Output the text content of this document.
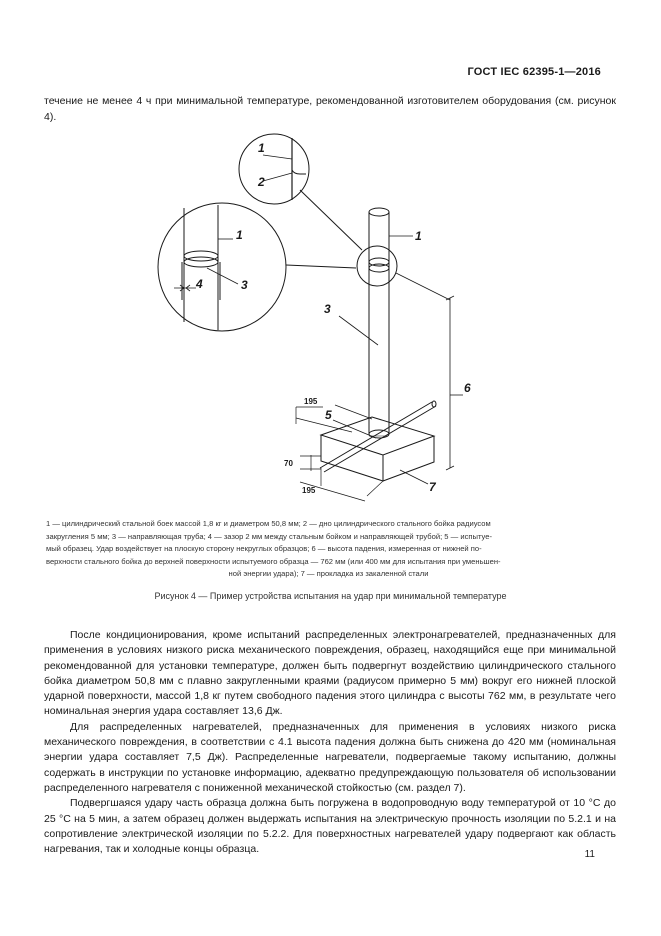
ГОСТ IEC 62395-1—2016
течение не менее 4 ч при минимальной температуре, рекомендованной изготовителем оборудования (см. рисунок 4).
1
2
1
4	3
1
3
6
5
7
195
70
195
1 — цилиндрический стальной боек массой 1,8 кг и диаметром 50,8 мм; 2 — дно цилиндрического стального бойка радиусом
закругления 5 мм; 3 — направляющая труба; 4 — зазор 2 мм между стальным бойком и направляющей трубой; 5 — испытуе-
мый образец. Удар воздействует на плоскую сторону некруглых образцов; 6 — высота падения, измеренная от нижней по-
верхности стального бойка до верхней поверхности испытуемого образца — 762 мм (или 400 мм для испытания при уменьшен-
ной энергии удара); 7 — прокладка из закаленной стали
Рисунок 4 — Пример устройства испытания на удар при минимальной температуре

После кондиционирования, кроме испытаний распределенных электронагревателей, предназначенных для применения в условиях низкого риска механического повреждения, образец, находящийся еще при минимальной рекомендованной для установки температуре, должен быть подвергнут воздействию цилиндрического стального бойка диаметром 50,8 мм с плавно закругленными краями (радиусом примерно 5 мм) вокруг его нижней плоской ударной поверхности, массой 1,8 кг путем свободного падения этого цилиндра с высоты 762 мм, в результате чего номинальная энергия удара составляет 13,6 Дж.

Для распределенных нагревателей, предназначенных для применения в условиях низкого риска механического повреждения, в соответствии с 4.1 высота падения должна быть снижена до 420 мм (номинальная энергии удара составляет 7,5 Дж). Распределенные нагреватели, подвергаемые такому испытанию, должны содержать в инструкции по установке информацию, адекватно предупреждающую пользователя об использовании распределенного нагревателя с пониженной механической стойкостью (см. раздел 7).

Подвергшаяся удару часть образца должна быть погружена в водопроводную воду температурой от 10 °С до 25 °С на 5 мин, а затем образец должен выдержать испытания на электрическую прочность изоляции по 5.2.1 и на сопротивление электрической изоляции по 5.2.2. Для поверхностных нагревателей удару подвергают как область нагревания, так и холодные концы образца.	11
